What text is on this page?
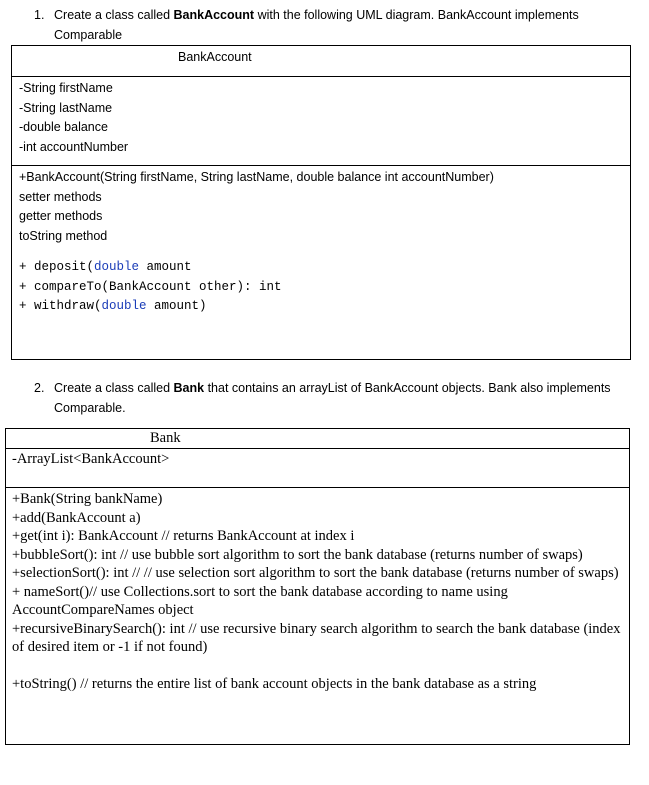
1. Create a class called BankAccount with the following UML diagram. BankAccount implements Comparable
BankAccount
-String firstName
-String lastName
-double balance
-int accountNumber
+BankAccount(String firstName, String lastName, double balance int accountNumber)
setter methods
getter methods
toString method
+ deposit(double amount
+ compareTo(BankAccount other): int
+ withdraw(double amount)
2. Create a class called Bank that contains an arrayList of BankAccount objects. Bank also implements Comparable.
Bank
-ArrayList<BankAccount>
+Bank(String bankName)
+add(BankAccount a)
+get(int i): BankAccount // returns BankAccount at index i
+bubbleSort(): int // use bubble sort algorithm to sort the bank database (returns number of swaps)
+selectionSort(): int // // use selection sort algorithm to sort the bank database (returns number of swaps)
+ nameSort()// use Collections.sort to sort the bank database according to name using AccountCompareNames object
+recursiveBinarySearch(): int // use recursive binary search algorithm to search the bank database (index of desired item or -1 if not found)
+toString() // returns the entire list of bank account objects in the bank database as a string
